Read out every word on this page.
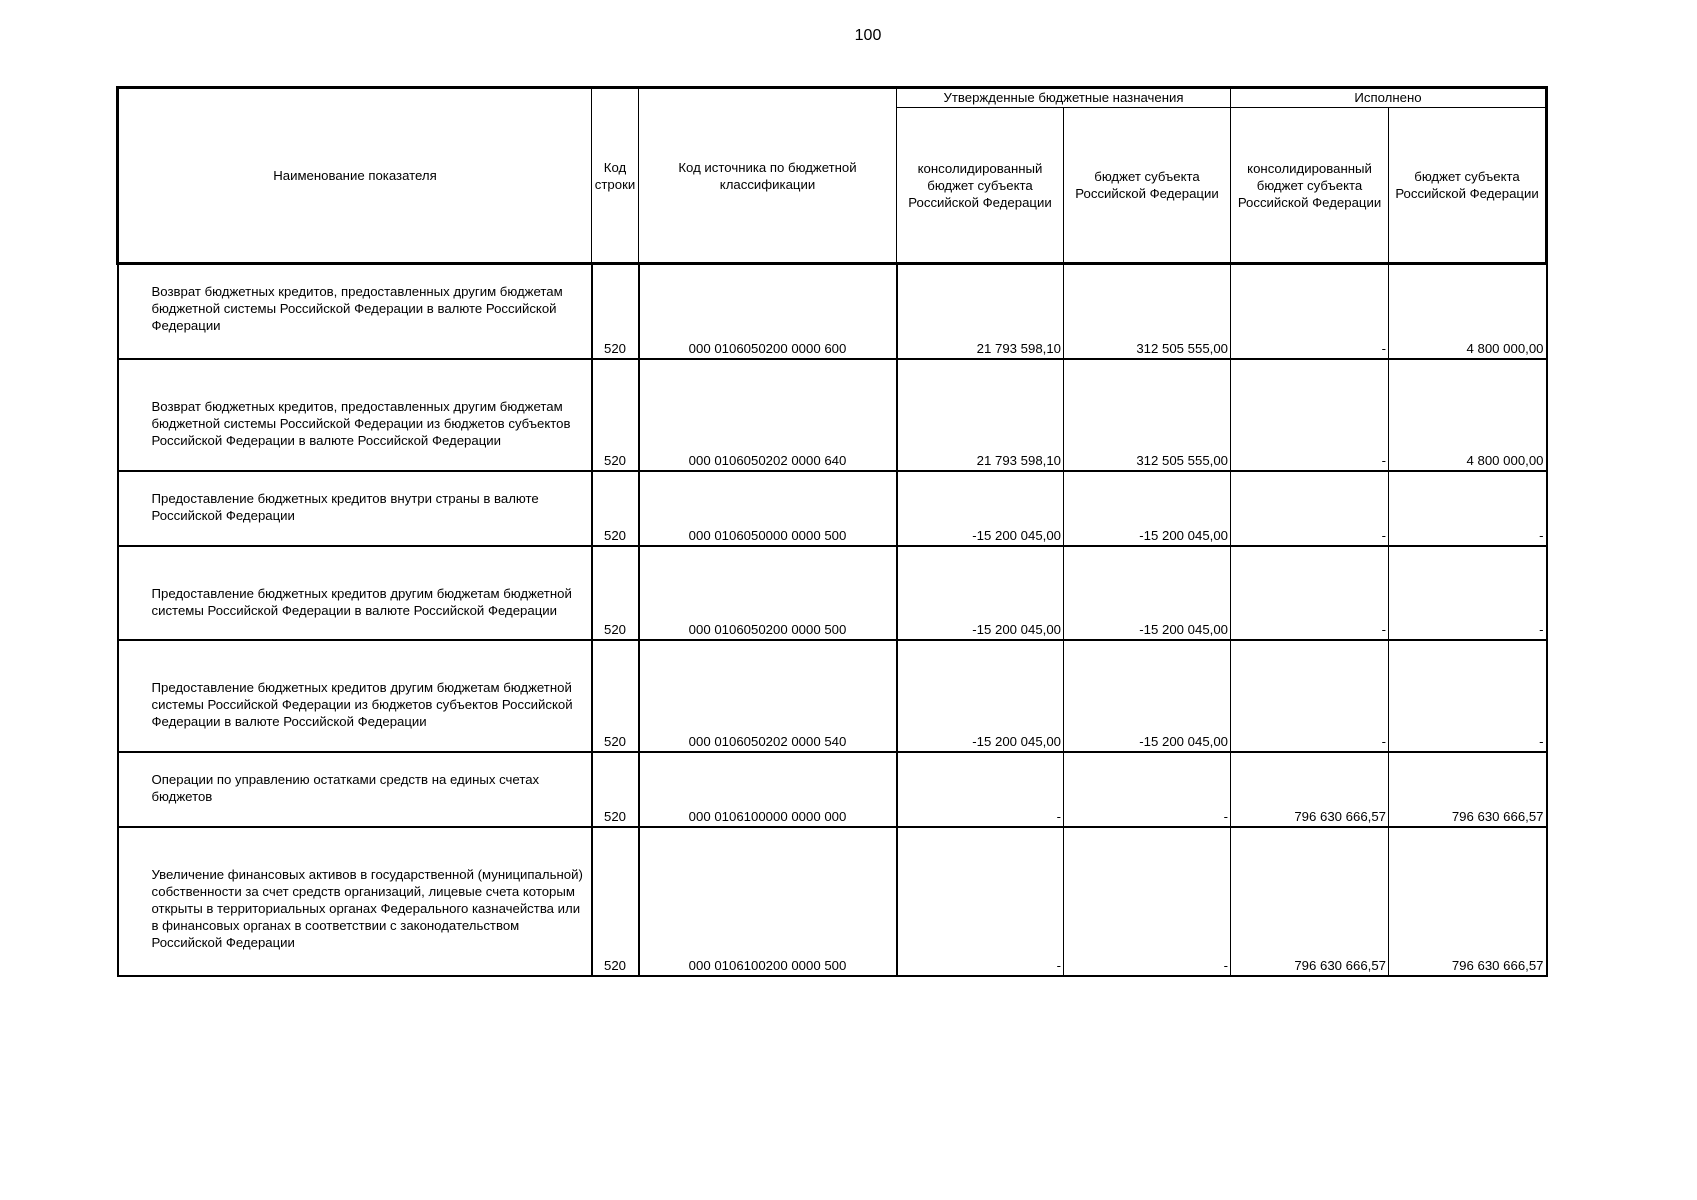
100
Наименование показателя	Код строки	Код источника по бюджетной классификации	Утвержденные бюджетные назначения		Исполнено	
			консолидированный бюджет субъекта Российской Федерации	бюджет субъекта Российской Федерации	консолидированный бюджет субъекта Российской Федерации	бюджет субъекта Российской Федерации
Возврат бюджетных кредитов, предоставленных другим бюджетам бюджетной системы Российской Федерации в валюте Российской Федерации	520	000 0106050200 0000 600	21 793 598,10	312 505 555,00	-	4 800 000,00
Возврат бюджетных кредитов, предоставленных другим бюджетам бюджетной системы Российской Федерации из бюджетов субъектов Российской Федерации в валюте Российской Федерации	520	000 0106050202 0000 640	21 793 598,10	312 505 555,00	-	4 800 000,00
Предоставление бюджетных кредитов внутри страны в валюте Российской Федерации	520	000 0106050000 0000 500	-15 200 045,00	-15 200 045,00	-	-
Предоставление бюджетных кредитов другим бюджетам бюджетной системы Российской Федерации в валюте Российской Федерации	520	000 0106050200 0000 500	-15 200 045,00	-15 200 045,00	-	-
Предоставление бюджетных кредитов другим бюджетам бюджетной системы Российской Федерации из бюджетов субъектов Российской Федерации в валюте Российской Федерации	520	000 0106050202 0000 540	-15 200 045,00	-15 200 045,00	-	-
Операции по управлению остатками средств на единых счетах бюджетов	520	000 0106100000 0000 000	-	-	796 630 666,57	796 630 666,57
Увеличение финансовых активов в государственной (муниципальной) собственности за счет средств организаций, лицевые счета которым открыты в территориальных органах Федерального казначейства или в финансовых органах в соответствии с законодательством Российской Федерации	520	000 0106100200 0000 500	-	-	796 630 666,57	796 630 666,57
